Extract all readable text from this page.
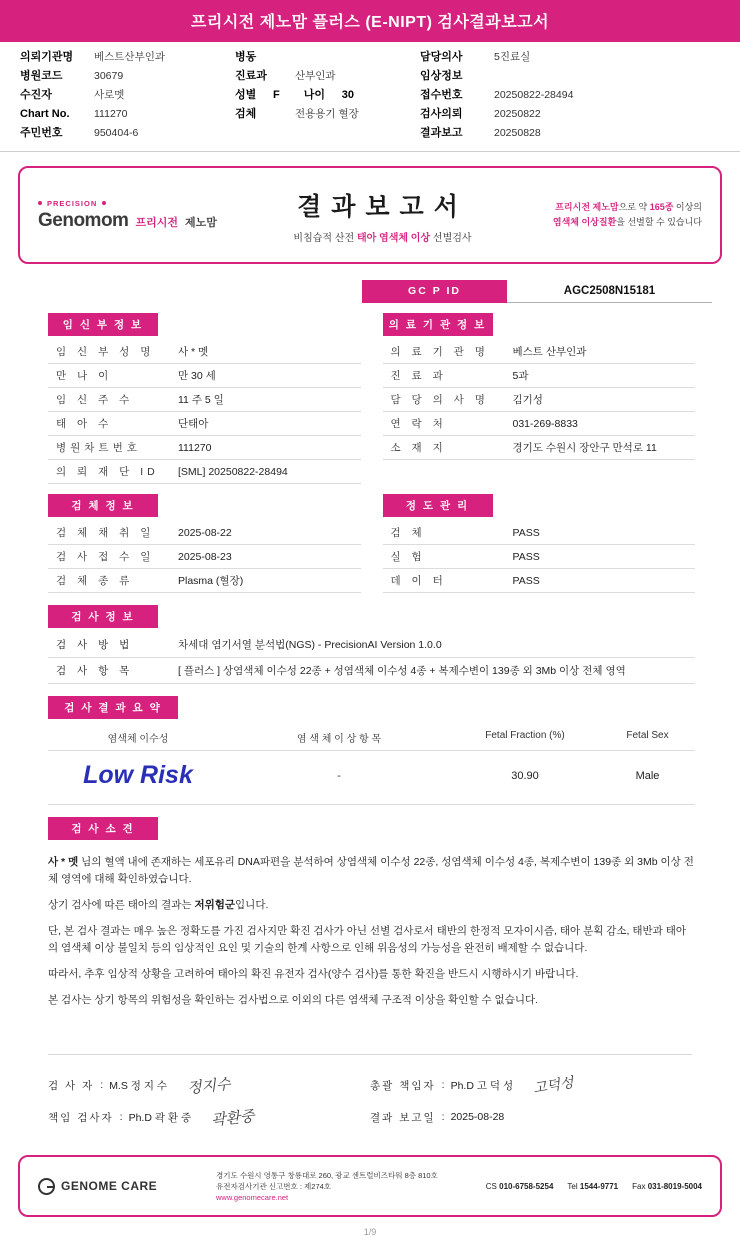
프리시전 제노맘 플러스 (E-NIPT) 검사결과보고서
의뢰기관명	베스트산부인과
병원코드	30679
수진자	사로멧
Chart No.	111270
주민번호	950404-6
병동
진료과	산부인과
성별	F 나이	30
검체	전용용기 혈장
담당의사	5진료실
임상정보
접수번호	20250822-28494
검사의뢰	20250822
결과보고	20250828
PRECISION
Genomom 프리시전 제노맘
결과보고서
비침습적 산전 태아 염색체 이상 선별검사
프리시전 제노맘으로 약 165종 이상의
염색체 이상질환을 선별할 수 있습니다
GC P ID	AGC2508N15181
임 신 부 정 보
임 신 부 성 명	사 * 멧
만 나 이	만 30 세
임 신 주 수	11 주 5 일
태 아 수	단태아
병원차트번호	111270
의 뢰 재 단 ID	[SML] 20250822-28494
의 료 기 관 정 보
의 료 기 관 명	베스트 산부인과
진 료 과	5과
담 당 의 사 명	김기성
연 락 처	031-269-8833
소 재 지	경기도 수원시 장안구 만석로 11
검 체 정 보
검 체 채 취 일	2025-08-22
검 사 접 수 일	2025-08-23
검 체 종 류	Plasma (혈장)
정 도 관 리
검 체	PASS
실 험	PASS
데 이 터	PASS
검 사 정 보
검 사 방 법	차세대 염기서열 분석법(NGS) - PrecisionAI Version 1.0.0
검 사 항 목	[ 플러스 ] 상염색체 이수성 22종 + 성염색체 이수성 4종 + 복제수변이 139종 외 3Mb 이상 전체 영역
검 사 결 과 요 약
염색체 이수성	염 색 체 이 상 항 목	Fetal Fraction (%)	Fetal Sex
Low Risk	-	30.90	Male
검 사 소 견

사 * 멧 님의 혈액 내에 존재하는 세포유리 DNA파편을 분석하여 상염색체 이수성 22종, 성염색체 이수성 4종, 복제수변이 139종 외 3Mb 이상 전체 영역에 대해 확인하였습니다.

상기 검사에 따른 태아의 결과는 저위험군입니다.

단, 본 검사 결과는 매우 높은 정확도를 가진 검사지만 확진 검사가 아닌 선별 검사로서 태반의 한정적 모자이시즘, 태아 분획 감소, 태반과 태아의 염색체 이상 불일치 등의 임상적인 요인 및 기술의 한계 사항으로 인해 위음성의 가능성을 완전히 배제할 수 없습니다.

따라서, 추후 임상적 상황을 고려하여 태아의 확진 유전자 검사(양수 검사)를 통한 확진을 반드시 시행하시기 바랍니다.

본 검사는 상기 항목의 위험성을 확인하는 검사법으로 이외의 다른 염색체 구조적 이상을 확인할 수 없습니다.

검 사 자 : M.S 정 지 수 정지수	총괄 책임자 : Ph.D 고 덕 성 고덕성
책임 검사자 : Ph.D 곽 환 중 곽환중	결과 보고일 : 2025-08-28
GENOME CARE
경기도 수원시 영통구 창룡대로 260, 광교 센트럴비즈타워 8층 810호
유전자검사기관 신고번호 : 제274호
www.genomecare.net
CS 010-6758-5254 Tel 1544-9771 Fax 031-8019-5004
1/9
